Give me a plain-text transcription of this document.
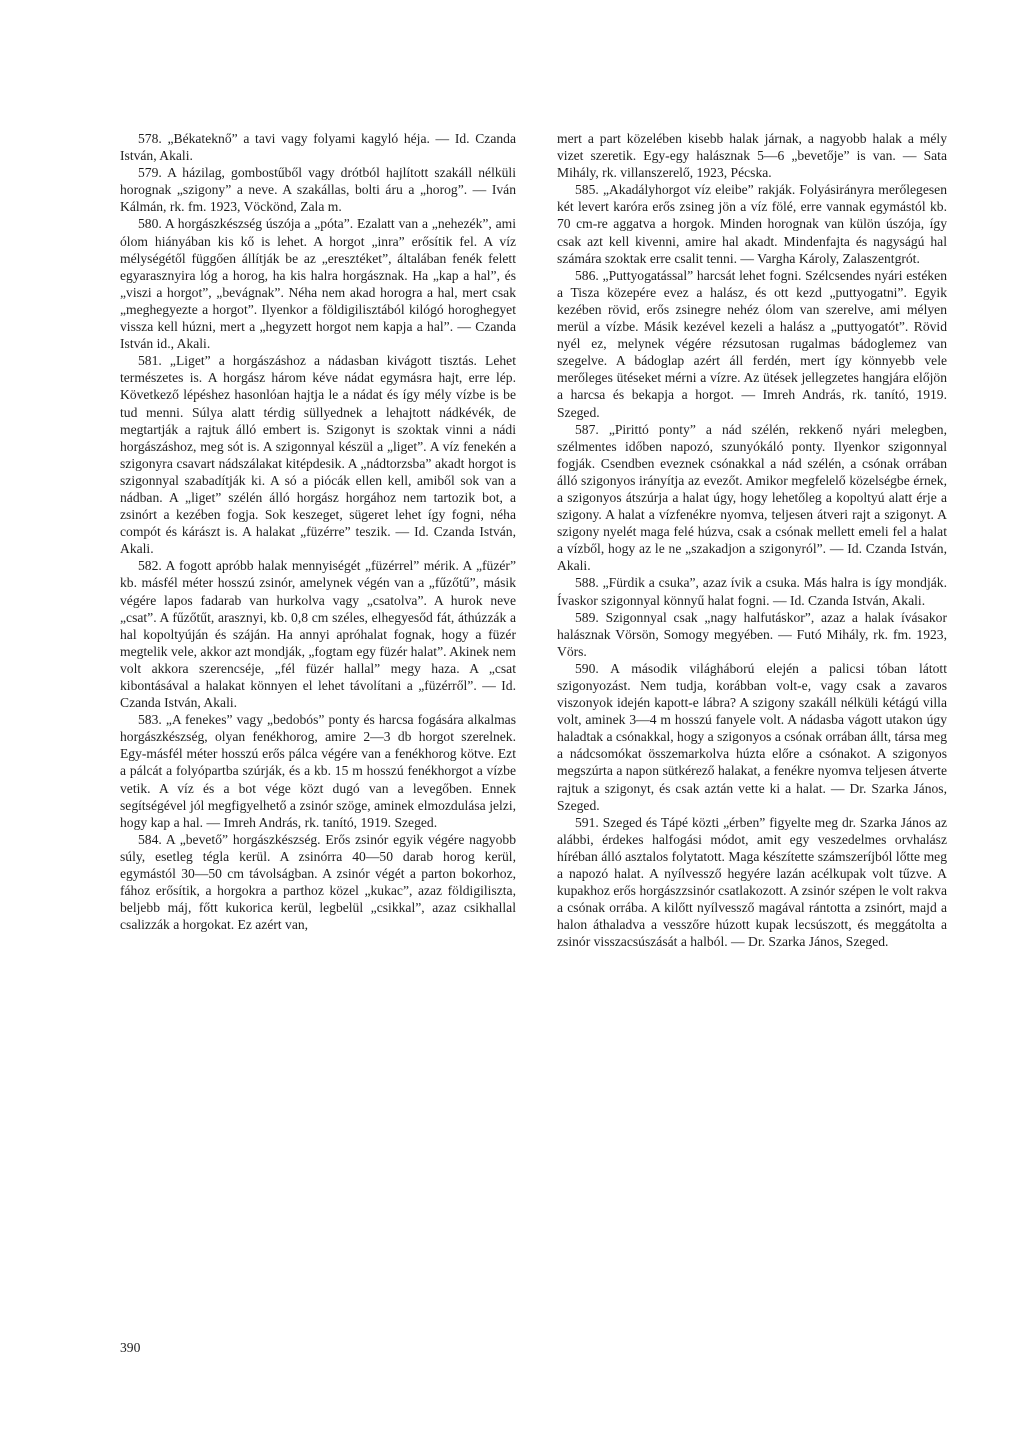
578. „Békateknő” a tavi vagy folyami kagyló héja. — Id. Czanda István, Akali.

579. A házilag, gombostűből vagy drótból hajlított szakáll nélküli horognak „szigony” a neve. A szakállas, bolti áru a „horog”. — Iván Kálmán, rk. fm. 1923, Vöckönd, Zala m.

580. A horgászkészség úszója a „póta”. Ezalatt van a „nehezék”, ami ólom hiányában kis kő is lehet. A horgot „inra” erősítik fel. A víz mélységétől függően állítják be az „eresztéket”, általában fenék felett egyarasznyira lóg a horog, ha kis halra horgásznak. Ha „kap a hal”, és „viszi a horgot”, „bevágnak”. Néha nem akad horogra a hal, mert csak „meghegyezte a horgot”. Ilyenkor a földigilisztából kilógó horoghegyet vissza kell húzni, mert a „hegyzett horgot nem kapja a hal”. — Czanda István id., Akali.

581. „Liget” a horgászáshoz a nádasban kivágott tisztás. Lehet természetes is. A horgász három kéve nádat egymásra hajt, erre lép. Következő lépéshez hasonlóan hajtja le a nádat és így mély vízbe is be tud menni. Súlya alatt térdig süllyednek a lehajtott nádkévék, de megtartják a rajtuk álló embert is. Szigonyt is szoktak vinni a nádi horgászáshoz, meg sót is. A szigonnyal készül a „liget”. A víz fenekén a szigonyra csavart nádszálakat kitépdesik. A „nádtorzsba” akadt horgot is szigonnyal szabadítják ki. A só a piócák ellen kell, amiből sok van a nádban. A „liget” szélén álló horgász horgához nem tartozik bot, a zsinórt a kezében fogja. Sok keszeget, sügeret lehet így fogni, néha compót és kárászt is. A halakat „füzérre” teszik. — Id. Czanda István, Akali.

582. A fogott apróbb halak mennyiségét „füzérrel” mérik. A „füzér” kb. másfél méter hosszú zsinór, amelynek végén van a „fűzőtű”, másik végére lapos fadarab van hurkolva vagy „csatolva”. A hurok neve „csat”. A fűzőtűt, arasznyi, kb. 0,8 cm széles, elhegyesőd fát, áthúzzák a hal kopoltyúján és száján. Ha annyi apróhalat fognak, hogy a füzér megtelik vele, akkor azt mondják, „fogtam egy füzér halat”. Akinek nem volt akkora szerencséje, „fél füzér hallal” megy haza. A „csat kibontásával a halakat könnyen el lehet távolítani a „füzérről”. — Id. Czanda István, Akali.

583. „A fenekes” vagy „bedobós” ponty és harcsa fogására alkalmas horgászkészség, olyan fenékhorog, amire 2—3 db horgot szerelnek. Egy-másfél méter hosszú erős pálca végére van a fenékhorog kötve. Ezt a pálcát a folyópartba szúrják, és a kb. 15 m hosszú fenékhorgot a vízbe vetik. A víz és a bot vége közt dugó van a levegőben. Ennek segítségével jól megfigyelhető a zsinór szöge, aminek elmozdulása jelzi, hogy kap a hal. — Imreh András, rk. tanító, 1919. Szeged.

584. A „bevető” horgászkészség. Erős zsinór egyik végére nagyobb súly, esetleg tégla kerül. A zsinórra 40—50 darab horog kerül, egymástól 30—50 cm távolságban. A zsinór végét a parton bokorhoz, fához erősítik, a horgokra a parthoz közel „kukac”, azaz földigiliszta, beljebb máj, főtt kukorica kerül, legbelül „csikkal”, azaz csikhallal csalizzák a horgokat. Ez azért van,

mert a part közelében kisebb halak járnak, a nagyobb halak a mély vizet szeretik. Egy-egy halásznak 5—6 „bevetője” is van. — Sata Mihály, rk. villanszerelő, 1923, Pécska.

585. „Akadályhorgot víz eleibe” rakják. Folyásirányra merőlegesen két levert karóra erős zsineg jön a víz fölé, erre vannak egymástól kb. 70 cm-re aggatva a horgok. Minden horognak van külön úszója, így csak azt kell kivenni, amire hal akadt. Mindenfajta és nagyságú hal számára szoktak erre csalit tenni. — Vargha Károly, Zalaszentgrót.

586. „Puttyogatással” harcsát lehet fogni. Szélcsendes nyári estéken a Tisza közepére evez a halász, és ott kezd „puttyogatni”. Egyik kezében rövid, erős zsinegre nehéz ólom van szerelve, ami mélyen merül a vízbe. Másik kezével kezeli a halász a „puttyogatót”. Rövid nyél ez, melynek végére rézsutosan rugalmas bádoglemez van szegelve. A bádoglap azért áll ferdén, mert így könnyebb vele merőleges ütéseket mérni a vízre. Az ütések jellegzetes hangjára előjön a harcsa és bekapja a horgot. — Imreh András, rk. tanító, 1919. Szeged.

587. „Pirittó ponty” a nád szélén, rekkenő nyári melegben, szélmentes időben napozó, szunyókáló ponty. Ilyenkor szigonnyal fogják. Csendben eveznek csónakkal a nád szélén, a csónak orrában álló szigonyos irányítja az evezőt. Amikor megfelelő közelségbe érnek, a szigonyos átszúrja a halat úgy, hogy lehetőleg a kopoltyú alatt érje a szigony. A halat a vízfenékre nyomva, teljesen átveri rajt a szigonyt. A szigony nyelét maga felé húzva, csak a csónak mellett emeli fel a halat a vízből, hogy az le ne „szakadjon a szigonyról”. — Id. Czanda István, Akali.

588. „Fürdik a csuka”, azaz ívik a csuka. Más halra is így mondják. Ívaskor szigonnyal könnyű halat fogni. — Id. Czanda István, Akali.

589. Szigonnyal csak „nagy halfutáskor”, azaz a halak ívásakor halásznak Vörsön, Somogy megyében. — Futó Mihály, rk. fm. 1923, Vörs.

590. A második világháború elején a palicsi tóban látott szigonyozást. Nem tudja, korábban volt-e, vagy csak a zavaros viszonyok idején kapott-e lábra? A szigony szakáll nélküli kétágú villa volt, aminek 3—4 m hosszú fanyele volt. A nádasba vágott utakon úgy haladtak a csónakkal, hogy a szigonyos a csónak orrában állt, társa meg a nádcsomókat összemarkolva húzta előre a csónakot. A szigonyos megszúrta a napon sütkérező halakat, a fenékre nyomva teljesen átverte rajtuk a szigonyt, és csak aztán vette ki a halat. — Dr. Szarka János, Szeged.

591. Szeged és Tápé közti „érben” figyelte meg dr. Szarka János az alábbi, érdekes halfogási módot, amit egy veszedelmes orvhalász híréban álló asztalos folytatott. Maga készítette számszeríjból lőtte meg a napozó halat. A nyílvessző hegyére lazán acélkupak volt tűzve. A kupakhoz erős horgászzsinór csatlakozott. A zsinór szépen le volt rakva a csónak orrába. A kilőtt nyílvessző magával rántotta a zsinórt, majd a halon áthaladva a vesszőre húzott kupak lecsúszott, és meggátolta a zsinór visszacsúszását a halból. — Dr. Szarka János, Szeged.

390
